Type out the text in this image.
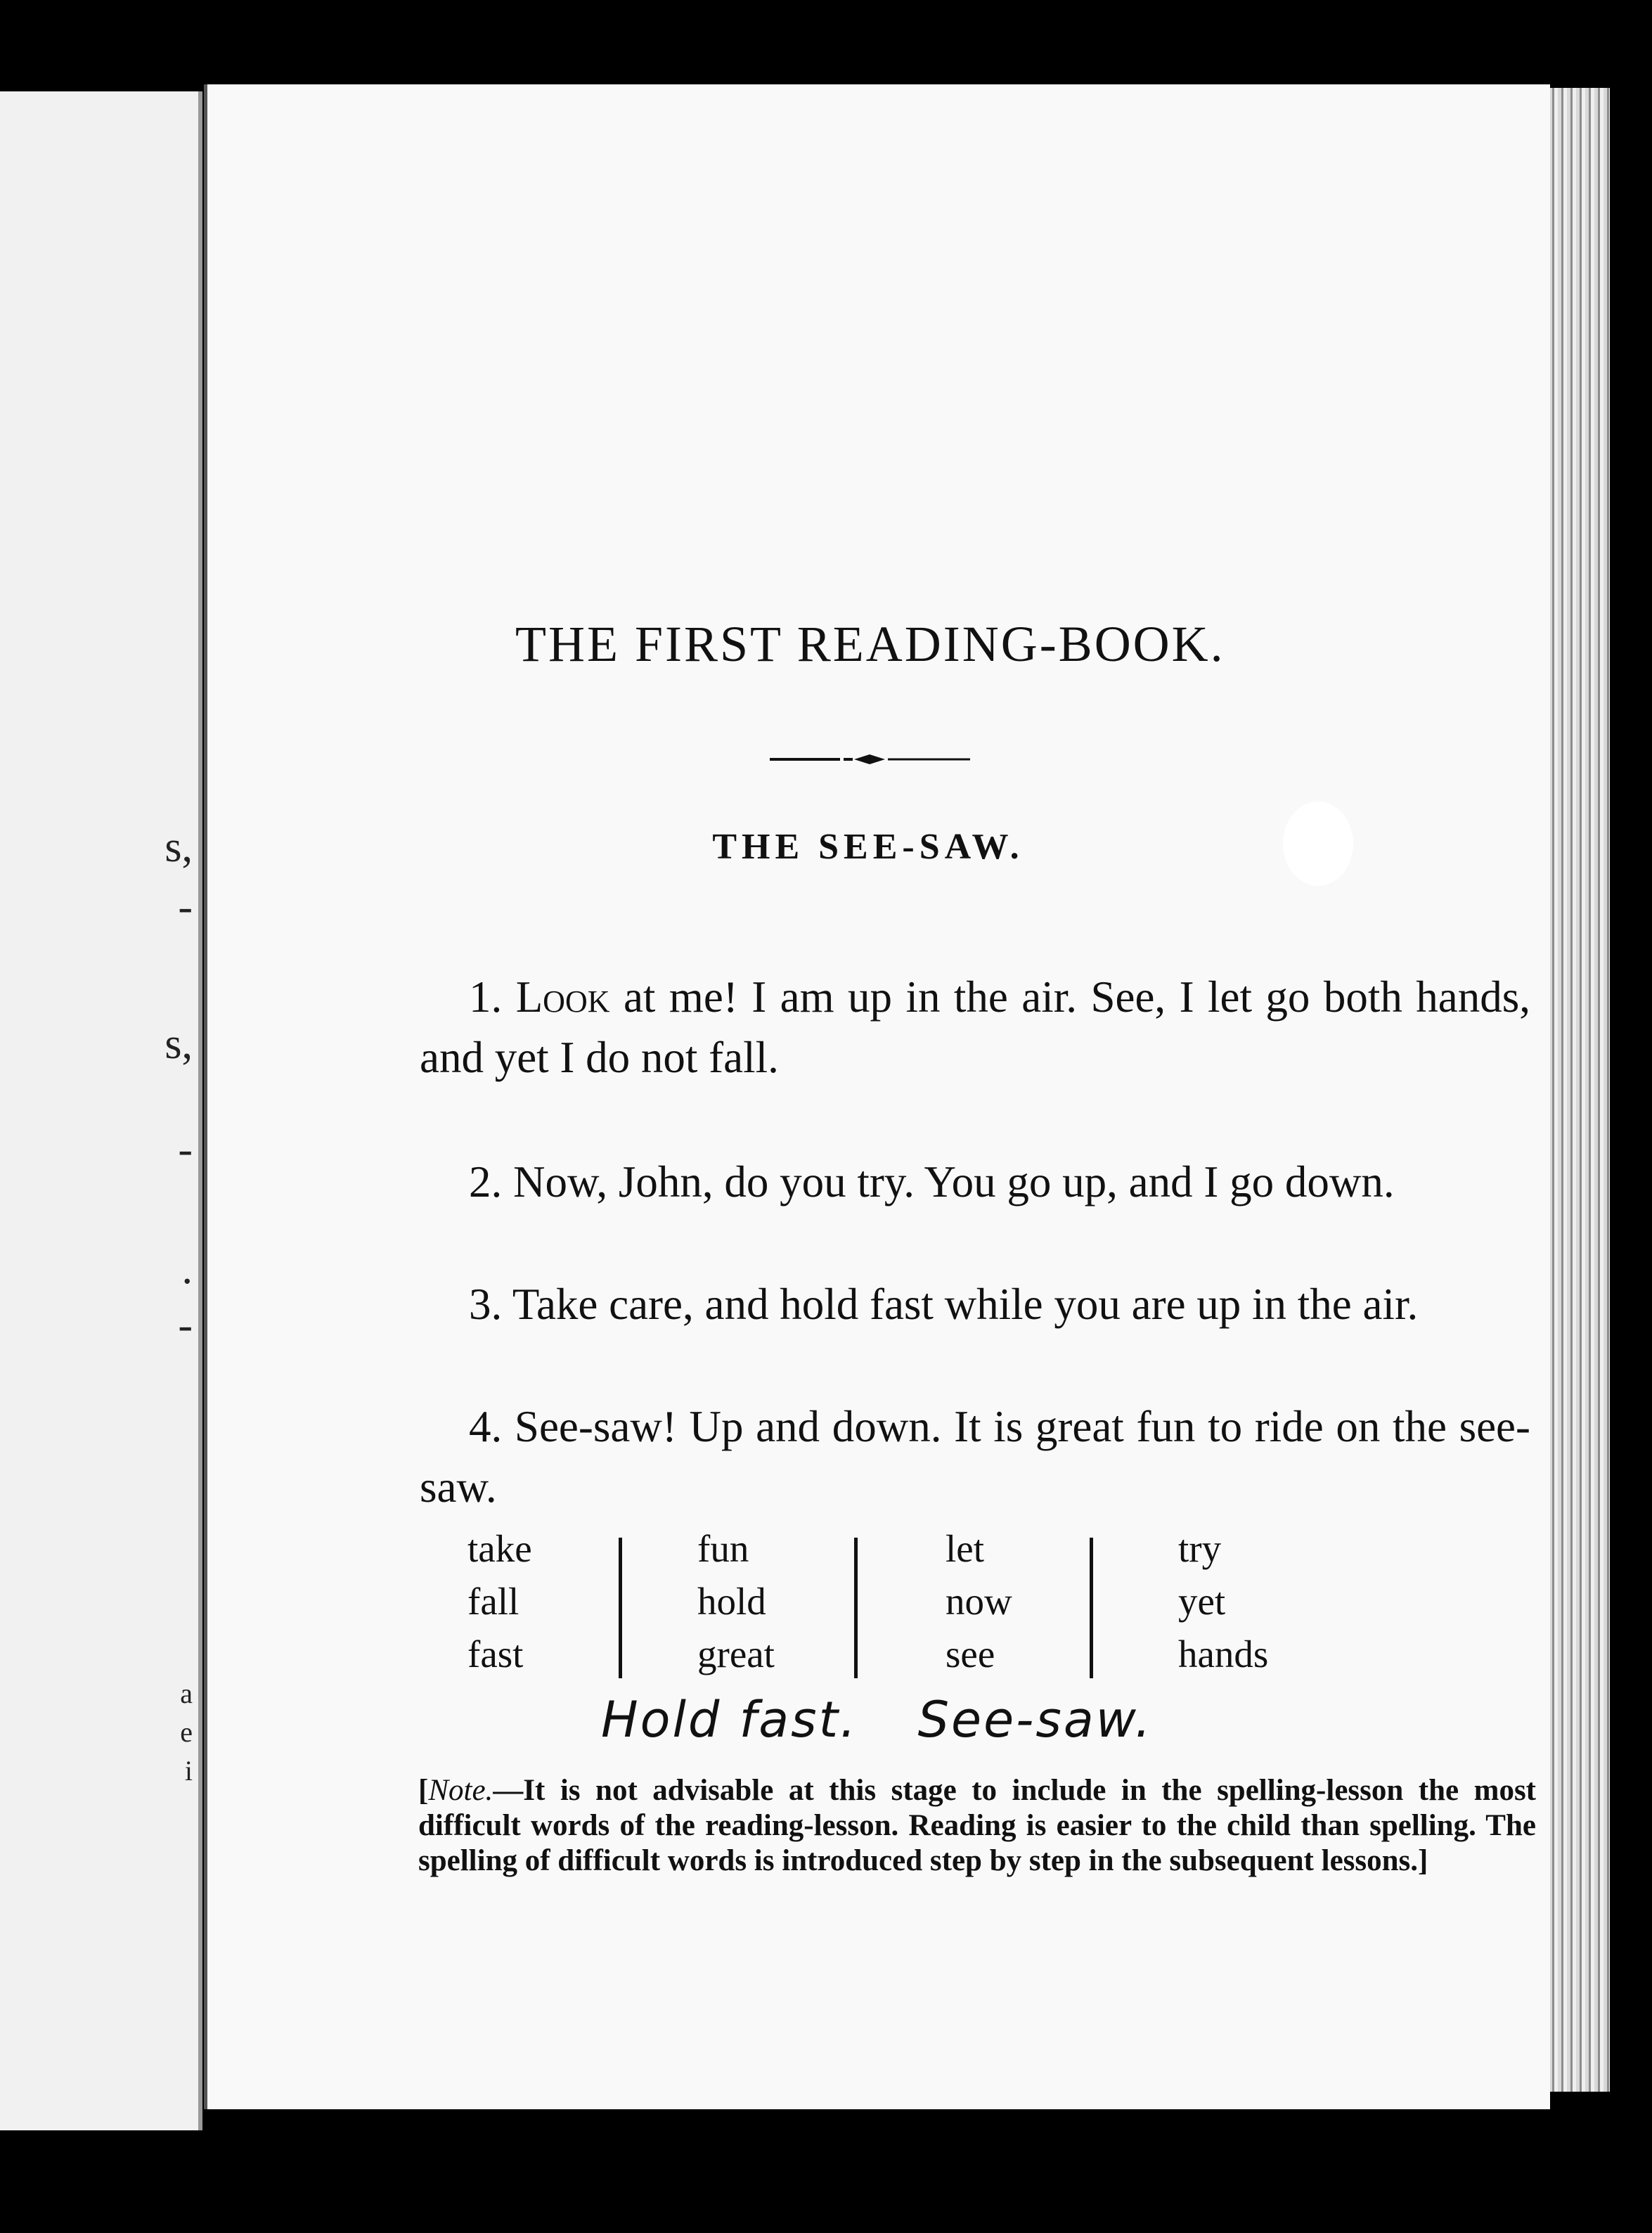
s,
-
s,
-
.
-
a
e
i
THE FIRST READING-BOOK.
THE SEE-SAW.

1. Look at me! I am up in the air. See, I let go both hands, and yet I do not fall.

2. Now, John, do you try. You go up, and I go down.

3. Take care, and hold fast while you are up in the air.

4. See-saw! Up and down. It is great fun to ride on the see-saw.

take
fall
fast
fun
hold
great
let
now
see
try
yet
hands
Hold fast. See-saw.

[Note.—It is not advisable at this stage to include in the spelling-lesson the most difficult words of the reading-lesson. Reading is easier to the child than spelling. The spelling of difficult words is introduced step by step in the subsequent lessons.]
